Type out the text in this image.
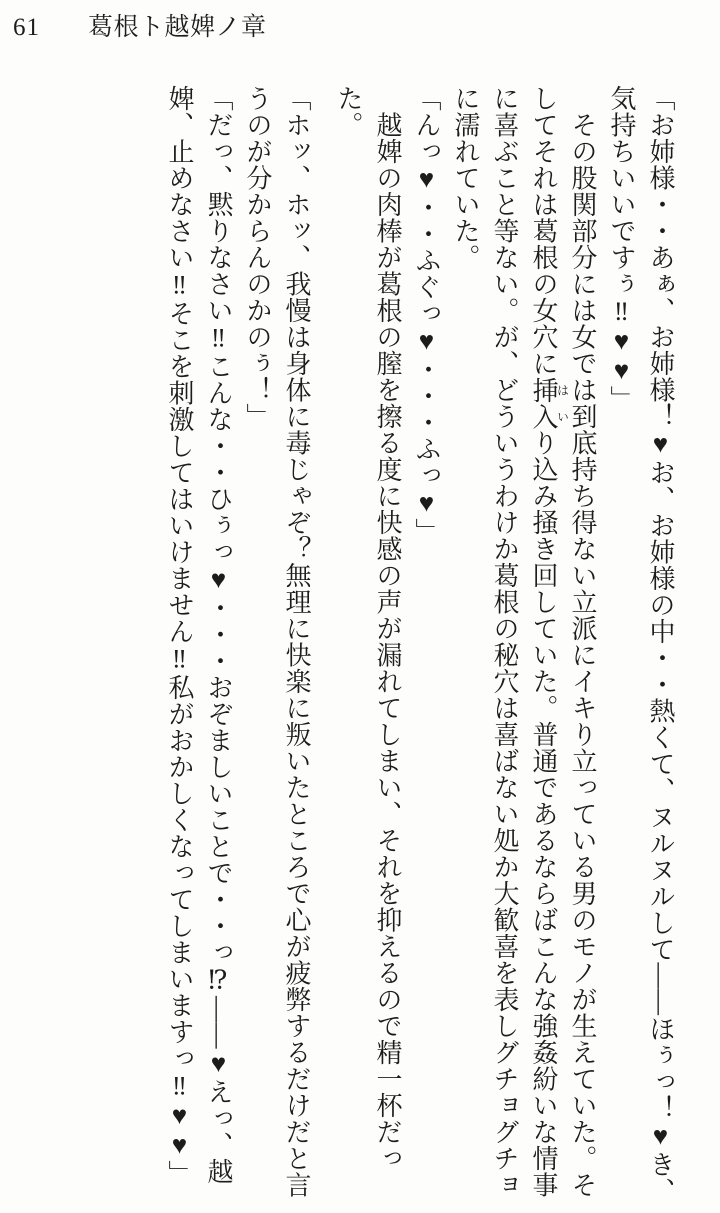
61 葛根ト越婢ノ章

「お姉様・・あぁ、お姉様！♥お、お姉様の中・・熱くて、ヌルヌルして――ほぅっ！♥き、気持ちいいですぅ‼♥♥」

　その股関部分には女では到底持ち得ない立派にイキり立っている男のモノが生えていた。そしてそれは葛根の女穴に挿入はいり込み掻き回していた。普通であるならばこんな強姦紛いな情事に喜ぶこと等ない。が、どういうわけか葛根の秘穴は喜ばない処か大歓喜を表しグチョグチョに濡れていた。

「んっ♥・・ふぐっ♥・・・ふっ♥」

　越婢の肉棒が葛根の膣を擦る度に快感の声が漏れてしまい、それを抑えるので精一杯だった。

「ホッ、ホッ、我慢は身体に毒じゃぞ？無理に快楽に叛いたところで心が疲弊するだけだと言うのが分からんのかのぅ！」

「だっ、黙りなさい‼こんな・・ひぅっ♥・・・おぞましいことで・・っ⁉――♥えっ、越婢、止めなさい‼そこを刺激してはいけません‼私がおかしくなってしまいますっ‼♥♥」
